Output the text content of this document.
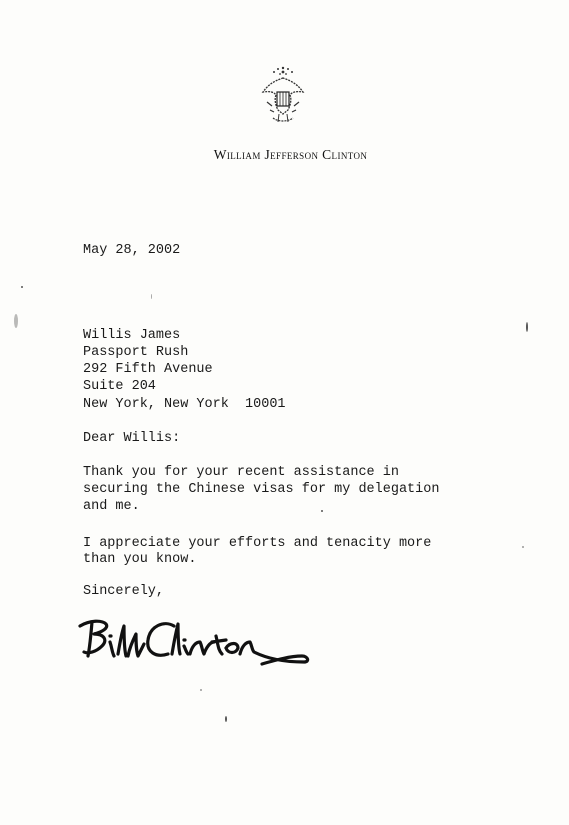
William Jefferson Clinton
May 28, 2002
Willis James
Passport Rush
292 Fifth Avenue
Suite 204
New York, New York  10001
Dear Willis:
Thank you for your recent assistance in
securing the Chinese visas for my delegation
and me.
I appreciate your efforts and tenacity more
than you know.
Sincerely,
